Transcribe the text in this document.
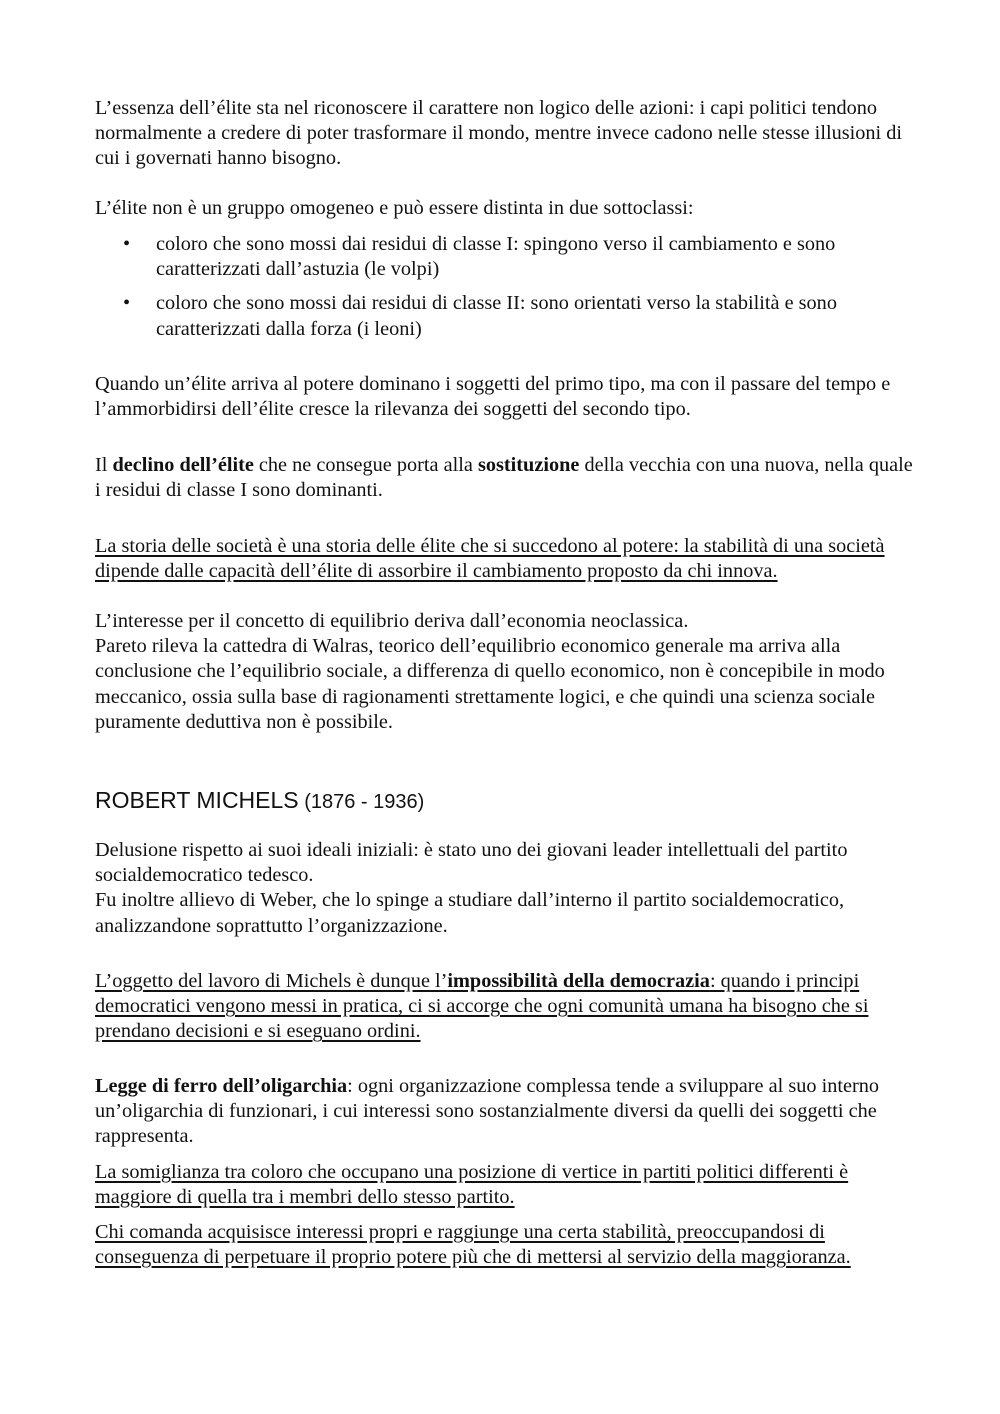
L’essenza dell’élite sta nel riconoscere il carattere non logico delle azioni: i capi politici tendono normalmente a credere di poter trasformare il mondo, mentre invece cadono nelle stesse illusioni di cui i governati hanno bisogno.

L’élite non è un gruppo omogeneo e può essere distinta in due sottoclassi:

• coloro che sono mossi dai residui di classe I: spingono verso il cambiamento e sono caratterizzati dall’astuzia (le volpi)
• coloro che sono mossi dai residui di classe II: sono orientati verso la stabilità e sono caratterizzati dalla forza (i leoni)

Quando un’élite arriva al potere dominano i soggetti del primo tipo, ma con il passare del tempo e l’ammorbidirsi dell’élite cresce la rilevanza dei soggetti del secondo tipo.

Il declino dell’élite che ne consegue porta alla sostituzione della vecchia con una nuova, nella quale i residui di classe I sono dominanti.

La storia delle società è una storia delle élite che si succedono al potere: la stabilità di una società dipende dalle capacità dell’élite di assorbire il cambiamento proposto da chi innova.

L’interesse per il concetto di equilibrio deriva dall’economia neoclassica.
Pareto rileva la cattedra di Walras, teorico dell’equilibrio economico generale ma arriva alla conclusione che l’equilibrio sociale, a differenza di quello economico, non è concepibile in modo meccanico, ossia sulla base di ragionamenti strettamente logici, e che quindi una scienza sociale puramente deduttiva non è possibile.
ROBERT MICHELS (1876 - 1936)
Delusione rispetto ai suoi ideali iniziali: è stato uno dei giovani leader intellettuali del partito socialdemocratico tedesco.
Fu inoltre allievo di Weber, che lo spinge a studiare dall’interno il partito socialdemocratico, analizzandone soprattutto l’organizzazione.

L’oggetto del lavoro di Michels è dunque l’impossibilità della democrazia: quando i principi democratici vengono messi in pratica, ci si accorge che ogni comunità umana ha bisogno che si prendano decisioni e si eseguano ordini.

Legge di ferro dell’oligarchia: ogni organizzazione complessa tende a sviluppare al suo interno un’oligarchia di funzionari, i cui interessi sono sostanzialmente diversi da quelli dei soggetti che rappresenta.

La somiglianza tra coloro che occupano una posizione di vertice in partiti politici differenti è maggiore di quella tra i membri dello stesso partito.

Chi comanda acquisisce interessi propri e raggiunge una certa stabilità, preoccupandosi di conseguenza di perpetuare il proprio potere più che di mettersi al servizio della maggioranza.
